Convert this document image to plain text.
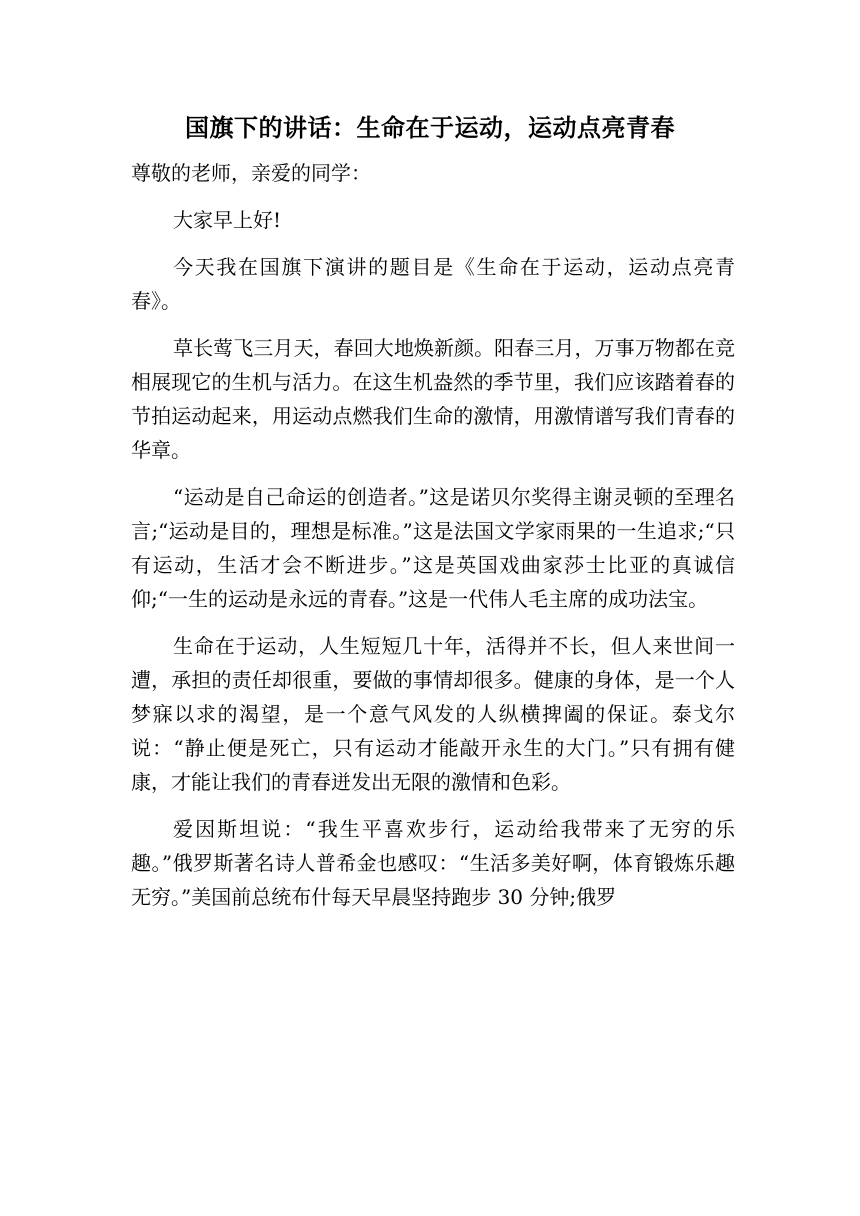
国旗下的讲话：生命在于运动，运动点亮青春

尊敬的老师，亲爱的同学：

大家早上好!

今天我在国旗下演讲的题目是《生命在于运动，运动点亮青春》。

草长莺飞三月天，春回大地焕新颜。阳春三月，万事万物都在竞相展现它的生机与活力。在这生机盎然的季节里，我们应该踏着春的节拍运动起来，用运动点燃我们生命的激情，用激情谱写我们青春的华章。

“运动是自己命运的创造者。”这是诺贝尔奖得主谢灵顿的至理名言;“运动是目的，理想是标准。”这是法国文学家雨果的一生追求;“只有运动，生活才会不断进步。”这是英国戏曲家莎士比亚的真诚信仰;“一生的运动是永远的青春。”这是一代伟人毛主席的成功法宝。

生命在于运动，人生短短几十年，活得并不长，但人来世间一遭，承担的责任却很重，要做的事情却很多。健康的身体，是一个人梦寐以求的渴望，是一个意气风发的人纵横捭阖的保证。泰戈尔说：“静止便是死亡，只有运动才能敲开永生的大门。”只有拥有健康，才能让我们的青春迸发出无限的激情和色彩。

爱因斯坦说：“我生平喜欢步行，运动给我带来了无穷的乐趣。”俄罗斯著名诗人普希金也感叹：“生活多美好啊，体育锻炼乐趣无穷。”美国前总统布什每天早晨坚持跑步 30 分钟;俄罗
